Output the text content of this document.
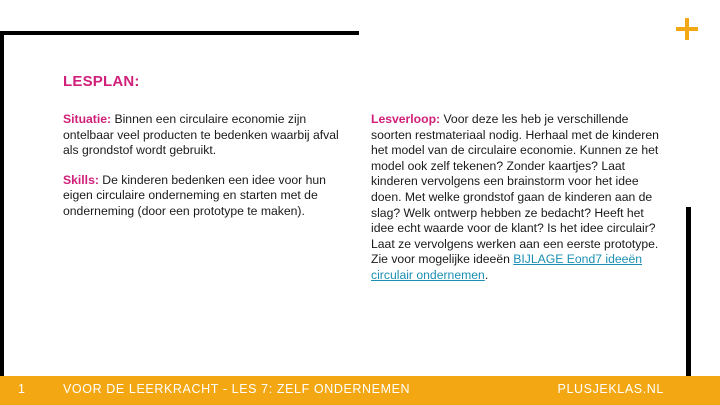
LESPLAN:

Situatie: Binnen een circulaire economie zijn ontelbaar veel producten te bedenken waarbij afval als grondstof wordt gebruikt.

Skills: De kinderen bedenken een idee voor hun eigen circulaire onderneming en starten met de onderneming (door een prototype te maken).

Lesverloop: Voor deze les heb je verschillende soorten restmateriaal nodig. Herhaal met de kinderen het model van de circulaire economie. Kunnen ze het model ook zelf tekenen? Zonder kaartjes? Laat kinderen vervolgens een brainstorm voor het idee doen. Met welke grondstof gaan de kinderen aan de slag? Welk ontwerp hebben ze bedacht? Heeft het idee echt waarde voor de klant? Is het idee circulair? Laat ze vervolgens werken aan een eerste prototype.
Zie voor mogelijke ideeën BIJLAGE Eond7 ideeën circulair ondernemen.

1	VOOR DE LEERKRACHT - LES 7: ZELF ONDERNEMEN	PLUSJEKLAS.NL
